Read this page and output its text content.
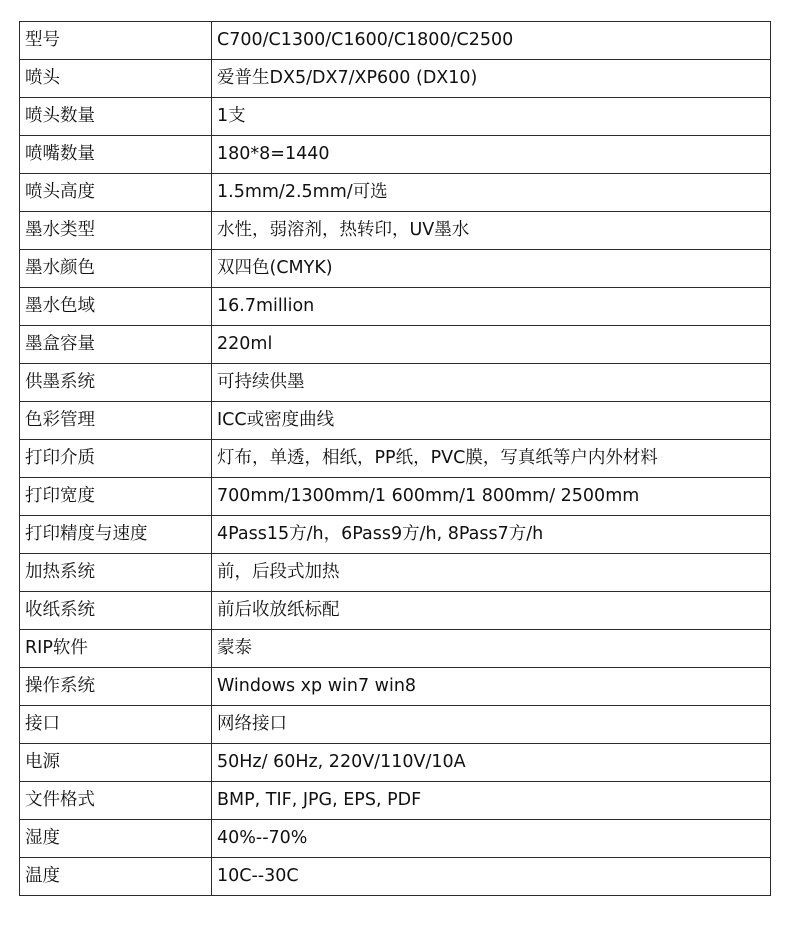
型号	C700/C1300/C1600/C1800/C2500
喷头	爱普生DX5/DX7/XP600 (DX10)
喷头数量	1支
喷嘴数量	180*8=1440
喷头高度	1.5mm/2.5mm/可选
墨水类型	水性，弱溶剂，热转印，UV墨水
墨水颜色	双四色(CMYK)
墨水色域	16.7million
墨盒容量	220ml
供墨系统	可持续供墨
色彩管理	ICC或密度曲线
打印介质	灯布，单透，相纸，PP纸，PVC膜，写真纸等户内外材料
打印宽度	700mm/1300mm/1 600mm/1 800mm/ 2500mm
打印精度与速度	4Pass15方/h，6Pass9方/h, 8Pass7方/h
加热系统	前，后段式加热
收纸系统	前后收放纸标配
RIP软件	蒙泰
操作系统	Windows xp win7 win8
接口	网络接口
电源	50Hz/ 60Hz, 220V/110V/10A
文件格式	BMP, TIF, JPG, EPS, PDF
湿度	40%--70%
温度	10C--30C
